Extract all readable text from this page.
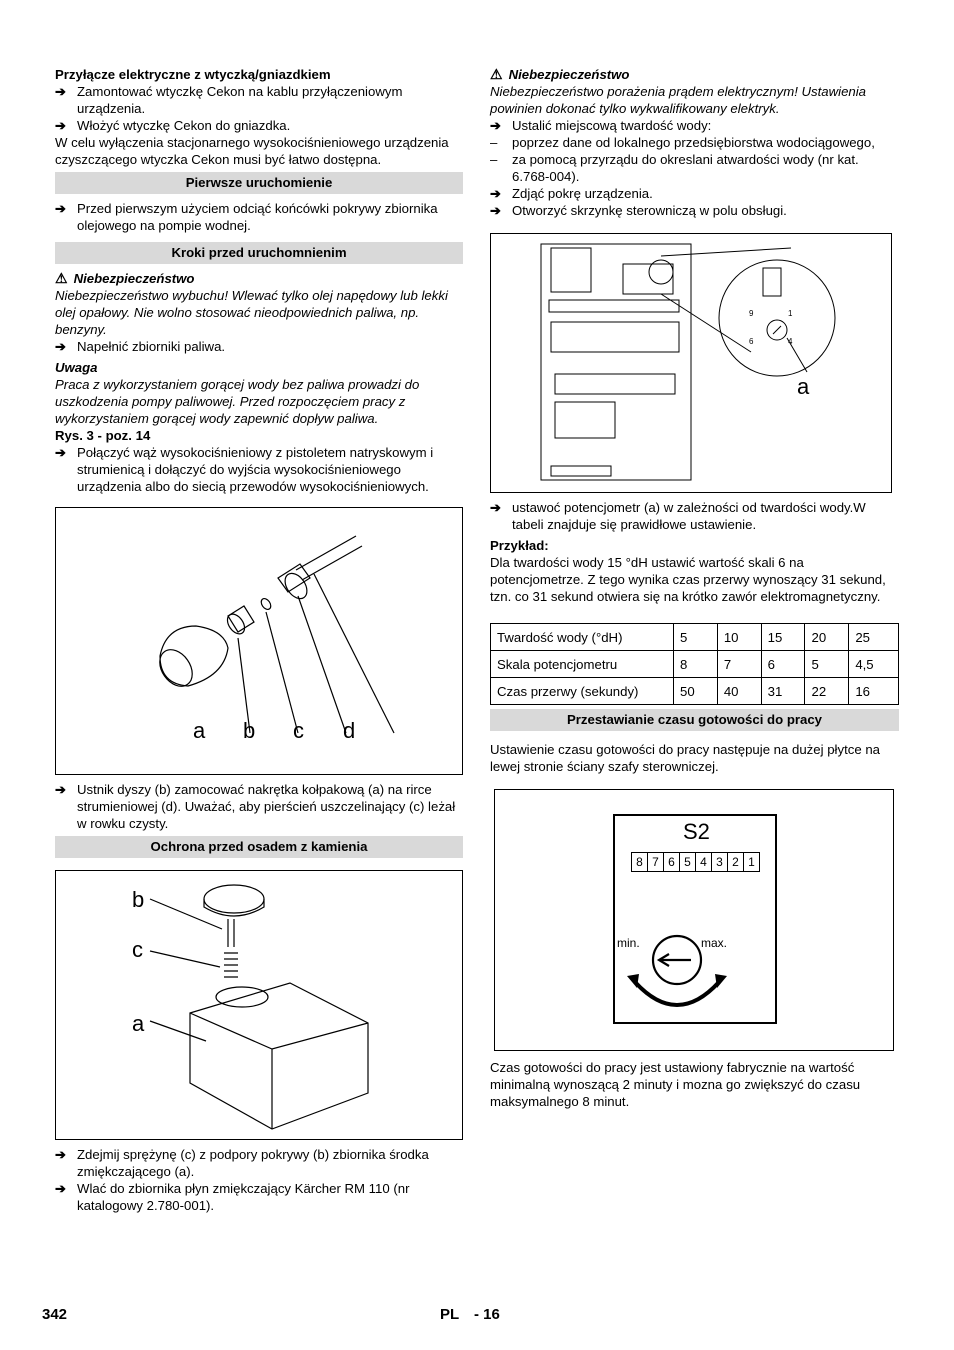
Przyłącze elektryczne z wtyczką/gniazdkiem

➔ Zamontować wtyczkę Cekon na kablu przyłączeniowym urządzenia.
➔ Włożyć wtyczkę Cekon do gniazdka.

W celu wyłączenia stacjonarnego wysokociśnieniowego urządzenia czyszczącego wtyczka Cekon musi być łatwo dostępna.

Pierwsze uruchomienie
➔ Przed pierwszym użyciem odciąć końcówki pokrywy zbiornika olejowego na pompie wodnej.
Kroki przed uruchomnienim
⚠ Niebezpieczeństwo

Niebezpieczeństwo wybuchu! Wlewać tylko olej napędowy lub lekki olej opałowy. Nie wolno stosować nieodpowiednich paliwa, np. benzyny.

➔ Napełnić zbiorniki paliwa.

Uwaga

Praca z wykorzystaniem gorącej wody bez paliwa prowadzi do uszkodzenia pompy paliwowej. Przed rozpoczęciem pracy z wykorzystaniem gorącej wody zapewnić dopływ paliwa.

Rys. 3 - poz. 14

➔ Połączyć wąż wysokociśnieniowy z pistoletem natryskowym i strumienicą i dołączyć do wyjścia wysokociśnieniowego urządzenia albo do siecią przewodów wysokociśnieniowych.
a b c d
➔ Ustnik dyszy (b) zamocować nakrętka kołpakową (a) na rirce strumieniowej (d). Uważać, aby pierścień uszczelinający (c) leżał w rowku czysty.
Ochrona przed osadem z kamienia
b
c
a
➔ Zdejmij sprężynę (c) z podpory pokrywy (b) zbiornika środka zmiękczającego (a).
➔ Wlać do zbiornika płyn zmiękczający Kärcher RM 110 (nr katalogowy 2.780-001).
⚠ Niebezpieczeństwo

Niebezpieczeństwo porażenia prądem elektrycznym! Ustawienia powinien dokonać tylko wykwalifikowany elektryk.

➔ Ustalić miejscową twardość wody:
– poprzez dane od lokalnego przedsiębiorstwa wodociągowego,
– za pomocą przyrządu do okreslani atwardości wody (nr kat. 6.768-004).
➔ Zdjąć pokrę urządzenia.
➔ Otworzyć skrzynkę sterowniczą w polu obsługi.
9	1
6	4
a
➔ ustawoć potencjometr (a) w zależności od twardości wody.W tabeli znajduje się prawidłowe ustawienie.

Przykład:

Dla twardości wody 15 °dH ustawić wartość skali 6 na potencjometrze. Z tego wynika czas przerwy wynoszący 31 sekund, tzn. co 31 sekund otwiera się na krótko zawór elektromagnetyczny.

Twardość wody (°dH)	5	10	15	20	25
Skala potencjometru	8	7	6	5	4,5
Czas przerwy (sekundy)	50	40	31	22	16
Przestawianie czasu gotowości do pracy

Ustawienie czasu gotowości do pracy następuje na dużej płytce na lewej stronie ściany szafy sterowniczej.

S2
8 7 6 5 4 3 2 1
min.	max.

Czas gotowości do pracy jest ustawiony fabrycznie na wartość minimalną wynoszącą 2 minuty i mozna go zwiększyć do czasu maksymalnego 8 minut.

342	PL - 16
